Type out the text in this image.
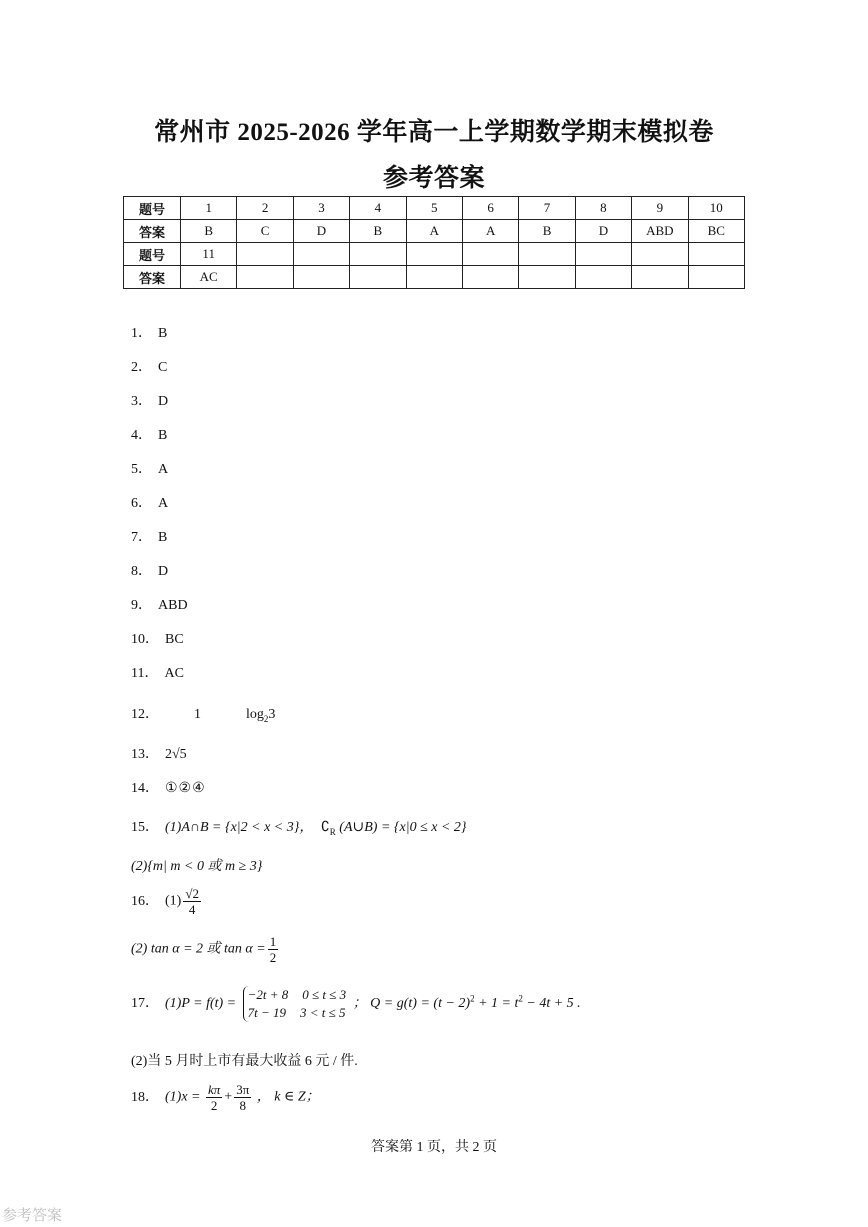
常州市 2025-2026 学年高一上学期数学期末模拟卷
参考答案
题号	1	2	3	4	5	6	7	8	9	10
答案	B	C	D	B	A	A	B	D	ABD	BC
题号	11									
答案	AC									
1． B
2． C
3． D
4． B
5． A
6． A
7． B
8． D
9． ABD
10． BC
11． AC
12．	1	$\log_23$
13． 2√5
14． ①②④
15． (1)A∩B = {x|2 < x < 3}， $∁_R$ (A∪B) = {x|0 ≤ x < 2}
(2){m| m < 0 或 m ≥ 3}
16． $(1) \frac{√2}{4}$
(2) tan α = 2 或 $\tan \alpha = \frac{1}{2}$
17． (1)P = f(t) =
−2t + 8 0 ≤ t ≤ 3
7t − 19 3 < t ≤ 5
； $Q = g(t) = (t - 2)^2 + 1 = t^2 - 4t + 5$ .
(2)当 5 月时上市有最大收益 6 元 / 件.
18． $(1)x = \frac{k\pi}{2} + \frac{3\pi}{8}$ ， k ∈ Z；
答案第 1 页，共 2 页
参考答案
